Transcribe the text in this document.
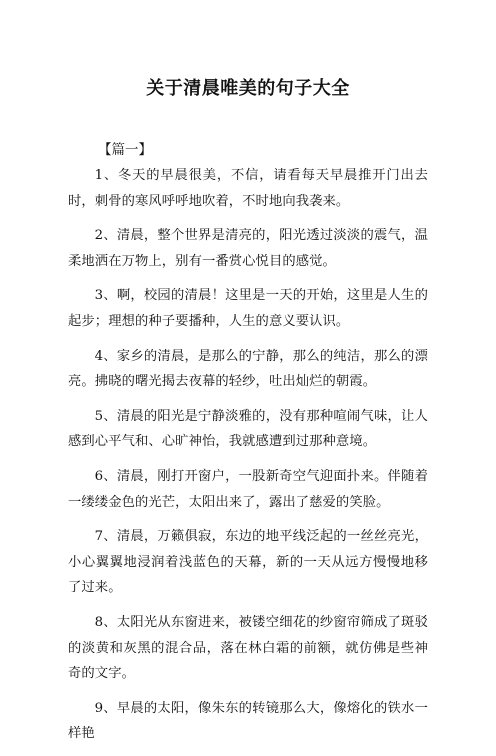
关于清晨唯美的句子大全
【篇一】

1、冬天的早晨很美，不信，请看每天早晨推开门出去时，刺骨的寒风呼呼地吹着，不时地向我袭来。

2、清晨，整个世界是清亮的，阳光透过淡淡的震气，温柔地洒在万物上，别有一番赏心悦目的感觉。

3、啊，校园的清晨！这里是一天的开始，这里是人生的起步；理想的种子要播种，人生的意义要认识。

4、家乡的清晨，是那么的宁静，那么的纯洁，那么的漂亮。拂晓的曙光揭去夜幕的轻纱，吐出灿烂的朝霞。

5、清晨的阳光是宁静淡雅的，没有那种喧闹气味，让人感到心平气和、心旷神怡，我就感遭到过那种意境。

6、清晨，刚打开窗户，一股新奇空气迎面扑来。伴随着一缕缕金色的光芒，太阳出来了，露出了慈爱的笑脸。

7、清晨，万籁俱寂，东边的地平线泛起的一丝丝亮光，小心翼翼地浸润着浅蓝色的天幕，新的一天从远方慢慢地移了过来。

8、太阳光从东窗进来，被镂空细花的纱窗帘筛成了斑驳的淡黄和灰黑的混合品，落在林白霜的前额，就仿佛是些神奇的文字。

9、早晨的太阳，像朱东的转镜那么大，像熔化的铁水一样艳
